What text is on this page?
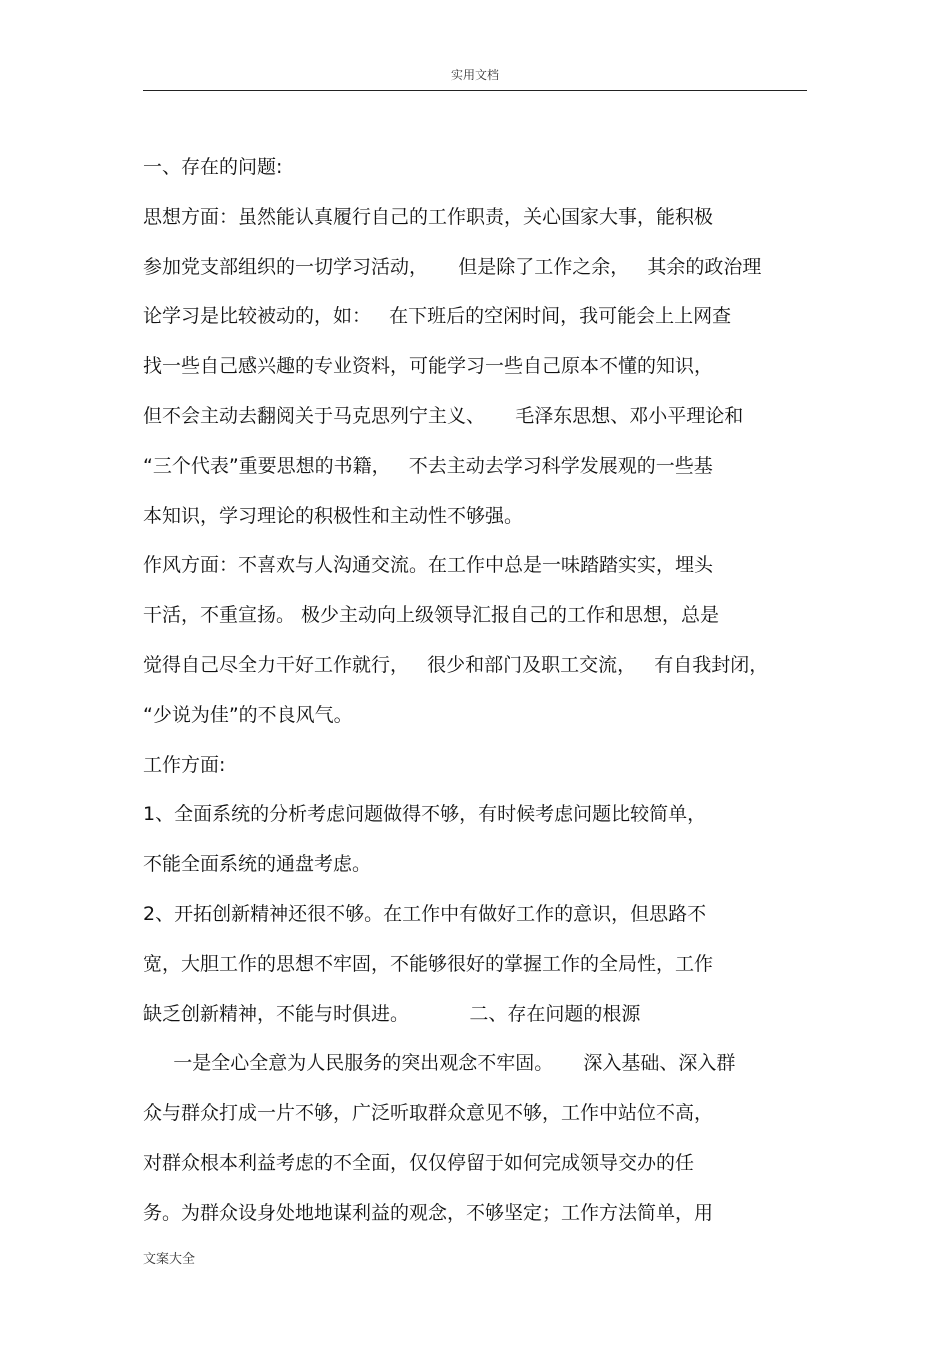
实用文档
一、存在的问题:
思想方面：虽然能认真履行自己的工作职责，关心国家大事，能积极
参加党支部组织的一切学习活动，     但是除了工作之余，   其余的政治理
论学习是比较被动的，如：   在下班后的空闲时间，我可能会上上网查
找一些自己感兴趣的专业资料，可能学习一些自己原本不懂的知识，
但不会主动去翻阅关于马克思列宁主义、     毛泽东思想、邓小平理论和
“三个代表”重要思想的书籍，   不去主动去学习科学发展观的一些基
本知识，学习理论的积极性和主动性不够强。
作风方面：不喜欢与人沟通交流。在工作中总是一味踏踏实实，埋头
干活，不重宣扬。 极少主动向上级领导汇报自己的工作和思想，总是
觉得自己尽全力干好工作就行，   很少和部门及职工交流，   有自我封闭，
“少说为佳”的不良风气。
工作方面:
1、全面系统的分析考虑问题做得不够，有时候考虑问题比较简单，
不能全面系统的通盘考虑。
2、开拓创新精神还很不够。在工作中有做好工作的意识，但思路不
宽，大胆工作的思想不牢固，不能够很好的掌握工作的全局性，工作
缺乏创新精神，不能与时俱进。          二、存在问题的根源
一是全心全意为人民服务的突出观念不牢固。     深入基础、深入群
众与群众打成一片不够，广泛听取群众意见不够，工作中站位不高，
对群众根本利益考虑的不全面，仅仅停留于如何完成领导交办的任
务。为群众设身处地地谋利益的观念，不够坚定；工作方法简单，用
文案大全
